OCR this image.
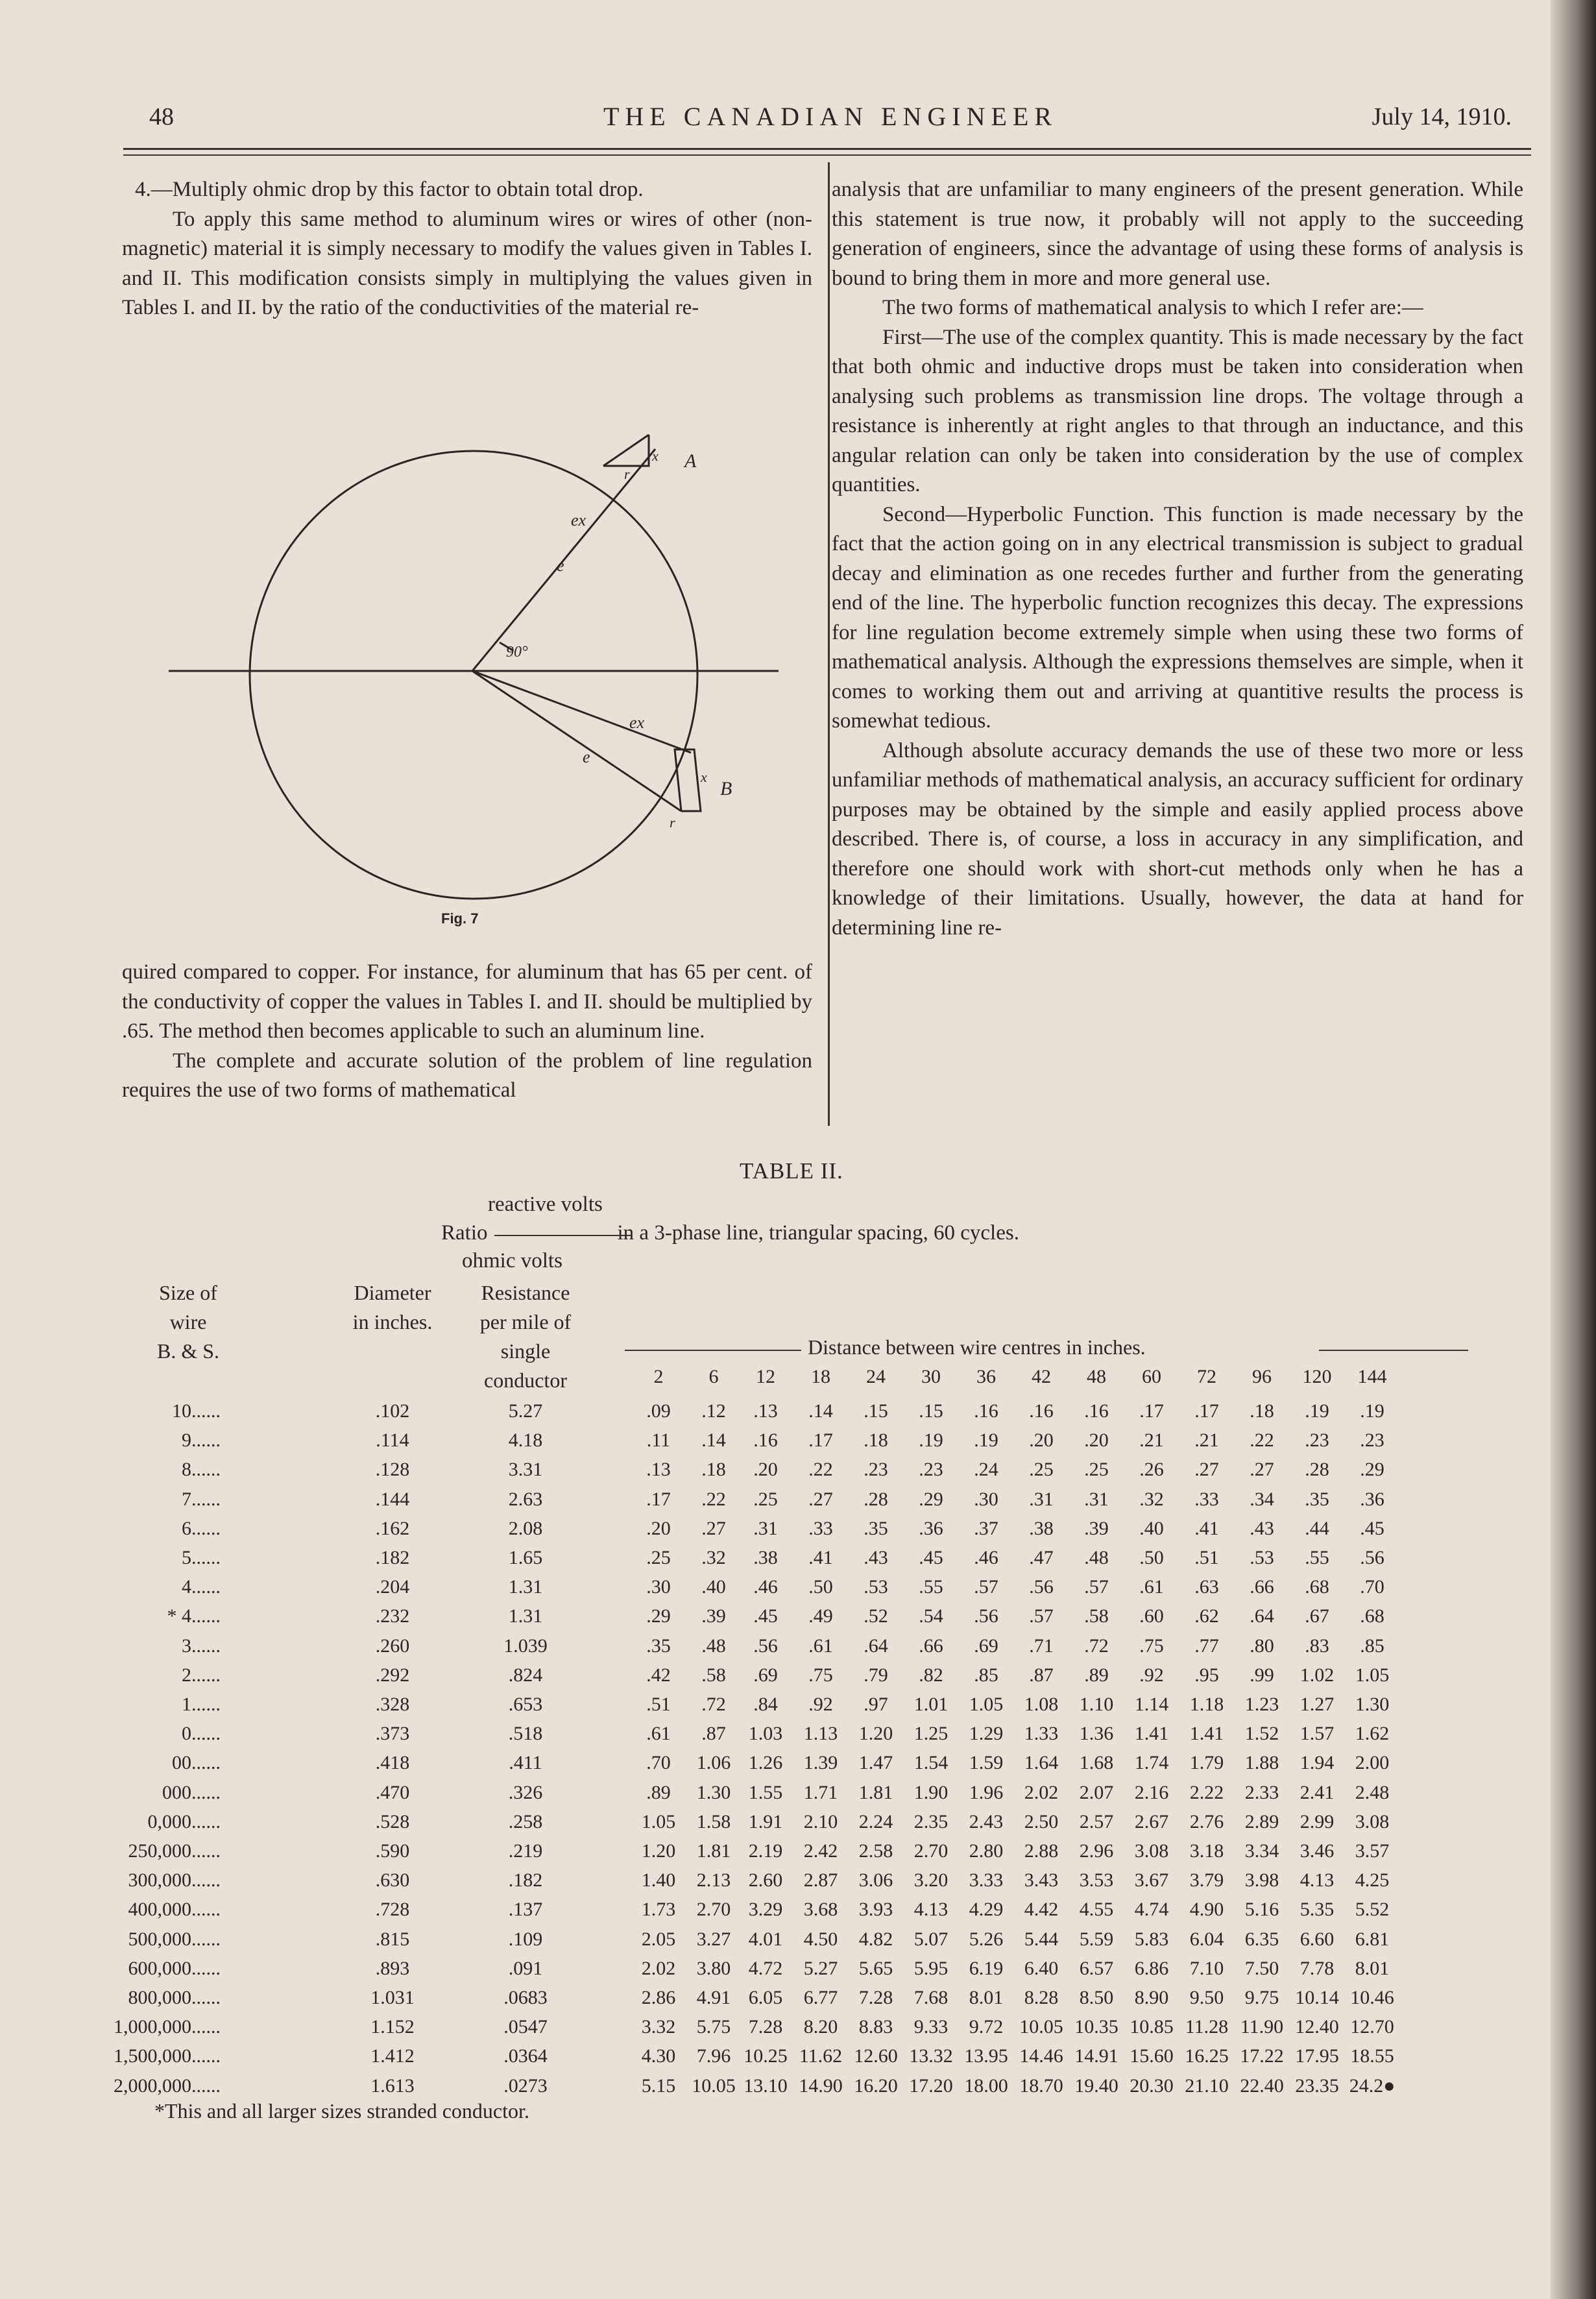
48	THE CANADIAN ENGINEER	July 14, 1910.

4.—Multiply ohmic drop by this factor to obtain total drop.

To apply this same method to aluminum wires or wires of other (non-magnetic) material it is simply necessary to modify the values given in Tables I. and II. This modification consists simply in multiplying the values given in Tables I. and II. by the ratio of the conductivities of the material re-

A
B
90°
ex
e
ex
e
x
r
x
r
Fig. 7

quired compared to copper. For instance, for aluminum that has 65 per cent. of the conductivity of copper the values in Tables I. and II. should be multiplied by .65. The method then becomes applicable to such an aluminum line.

The complete and accurate solution of the problem of line regulation requires the use of two forms of mathematical

analysis that are unfamiliar to many engineers of the present generation. While this statement is true now, it probably will not apply to the succeeding generation of engineers, since the advantage of using these forms of analysis is bound to bring them in more and more general use.

The two forms of mathematical analysis to which I refer are:—

First—The use of the complex quantity. This is made necessary by the fact that both ohmic and inductive drops must be taken into consideration when analysing such problems as transmission line drops. The voltage through a resistance is inherently at right angles to that through an inductance, and this angular relation can only be taken into consideration by the use of complex quantities.

Second—Hyperbolic Function. This function is made necessary by the fact that the action going on in any electrical transmission is subject to gradual decay and elimination as one recedes further and further from the generating end of the line. The hyperbolic function recognizes this decay. The expressions for line regulation become extremely simple when using these two forms of mathematical analysis. Although the expressions themselves are simple, when it comes to working them out and arriving at quantitive results the process is somewhat tedious.

Although absolute accuracy demands the use of these two more or less unfamiliar methods of mathematical analysis, an accuracy sufficient for ordinary purposes may be obtained by the simple and easily applied process above described. There is, of course, a loss in accuracy in any simplification, and therefore one should work with short-cut methods only when he has a knowledge of their limitations. Usually, however, the data at hand for determining line re-

TABLE II.
reactive volts
Ratio	in a 3-phase line, triangular spacing, 60 cycles.
ohmic volts
Size of
wire
B. & S.
Diameter
in inches.
Resistance
per mile of
single
conductor
Distance between wire centres in inches.
2	6	12	18	24	30	36	42	48	60	72	96	120	144
10......	.102	5.27	.09	.12	.13	.14	.15	.15	.16	.16	.16	.17	.17	.18	.19	.19
9......	.114	4.18	.11	.14	.16	.17	.18	.19	.19	.20	.20	.21	.21	.22	.23	.23
8......	.128	3.31	.13	.18	.20	.22	.23	.23	.24	.25	.25	.26	.27	.27	.28	.29
7......	.144	2.63	.17	.22	.25	.27	.28	.29	.30	.31	.31	.32	.33	.34	.35	.36
6......	.162	2.08	.20	.27	.31	.33	.35	.36	.37	.38	.39	.40	.41	.43	.44	.45
5......	.182	1.65	.25	.32	.38	.41	.43	.45	.46	.47	.48	.50	.51	.53	.55	.56
4......	.204	1.31	.30	.40	.46	.50	.53	.55	.57	.56	.57	.61	.63	.66	.68	.70
* 4......	.232	1.31	.29	.39	.45	.49	.52	.54	.56	.57	.58	.60	.62	.64	.67	.68
3......	.260	1.039	.35	.48	.56	.61	.64	.66	.69	.71	.72	.75	.77	.80	.83	.85
2......	.292	.824	.42	.58	.69	.75	.79	.82	.85	.87	.89	.92	.95	.99	1.02	1.05
1......	.328	.653	.51	.72	.84	.92	.97	1.01	1.05	1.08	1.10	1.14	1.18	1.23	1.27	1.30
0......	.373	.518	.61	.87	1.03	1.13	1.20	1.25	1.29	1.33	1.36	1.41	1.41	1.52	1.57	1.62
00......	.418	.411	.70	1.06 1.26	1.39	1.47	1.54	1.59	1.64	1.68	1.74	1.79	1.88	1.94	2.00
000......	.470	.326	.89	1.30 1.55	1.71	1.81	1.90	1.96	2.02	2.07	2.16	2.22	2.33	2.41	2.48
0,000......	.528	.258	1.05	1.58 1.91	2.10	2.24	2.35	2.43	2.50	2.57	2.67	2.76	2.89	2.99	3.08
250,000......	.590	.219	1.20	1.81 2.19	2.42	2.58	2.70	2.80	2.88	2.96	3.08	3.18	3.34	3.46	3.57
300,000......	.630	.182	1.40	2.13 2.60	2.87	3.06	3.20	3.33	3.43	3.53	3.67	3.79	3.98	4.13	4.25
400,000......	.728	.137	1.73	2.70 3.29	3.68	3.93	4.13	4.29	4.42	4.55	4.74	4.90	5.16	5.35	5.52
500,000......	.815	.109	2.05	3.27 4.01	4.50	4.82	5.07	5.26	5.44	5.59	5.83	6.04	6.35	6.60	6.81
600,000......	.893	.091	2.02	3.80 4.72	5.27	5.65	5.95	6.19	6.40	6.57	6.86	7.10	7.50	7.78	8.01
800,000......	1.031	.0683	2.86	4.91 6.05	6.77	7.28	7.68	8.01	8.28	8.50	8.90	9.50	9.75 10.14 10.46
1,000,000......	1.152	.0547	3.32	5.75 7.28	8.20	8.83	9.33	9.72 10.05 10.35 10.85 11.28 11.90 12.40 12.70
1,500,000......	1.412	.0364	4.30	7.96 10.25 11.62 12.60 13.32 13.95 14.46 14.91 15.60 16.25 17.22 17.95 18.55
2,000,000......	1.613	.0273	5.15 10.05 13.10 14.90 16.20 17.20 18.00 18.70 19.40 20.30 21.10 22.40 23.35 24.2●
*This and all larger sizes stranded conductor.
